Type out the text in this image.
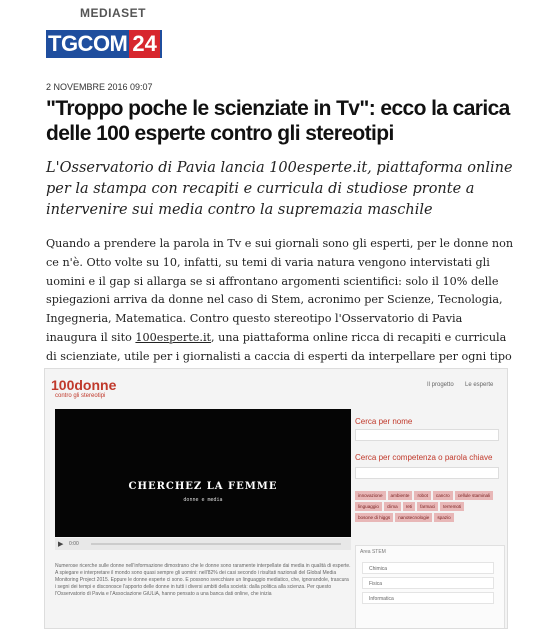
MEDIASET
TGCOM 24
2 NOVEMBRE 2016 09:07
"Troppo poche le scienziate in Tv": ecco la carica delle 100 esperte contro gli stereotipi
L'Osservatorio di Pavia lancia 100esperte.it, piattaforma online per la stampa con recapiti e curricula di studiose pronte a intervenire sui media contro la supremazia maschile
Quando a prendere la parola in Tv e sui giornali sono gli esperti, per le donne non ce n'è. Otto volte su 10, infatti, su temi di varia natura vengono intervistati gli uomini e il gap si allarga se si affrontano argomenti scientifici: solo il 10% delle spiegazioni arriva da donne nel caso di Stem, acronimo per Scienze, Tecnologia, Ingegneria, Matematica. Contro questo stereotipo l'Osservatorio di Pavia inaugura il sito 100esperte.it, una piattaforma online ricca di recapiti e curricula di scienziate, utile per i giornalisti a caccia di esperti da interpellare per ogni tipo
100donne
contro gli stereotipi
Il progetto Le esperte
CHERCHEZ LA FEMME
donne e media
▶ 0:00
Numerose ricerche sulle donne nell'informazione dimostrano che le donne sono raramente interpellate dai media in qualità di esperte. A spiegare e interpretare il mondo sono quasi sempre gli uomini: nell'82% dei casi secondo i risultati nazionali del Global Media Monitoring Project 2015. Eppure le donne esperte ci sono. E possono svecchiare un linguaggio mediatico, che, ignorandole, trascura i segni dei tempi e disconosce l'apporto delle donne in tutti i diversi ambiti della società: dalla politica alla scienza. Per questo l'Osservatorio di Pavia e l'Associazione GiULiA, hanno pensato a una banca dati online, che inizia
Cerca per nome
Cerca per competenza o parola chiave
innovazione	ambiente	robot	cancro	cellule staminali
linguaggio	clima	reti	farmaci	terremoti
bosone di higgs	nanotecnologie	spazio
Area STEM
Chimica
Fisica
Informatica
